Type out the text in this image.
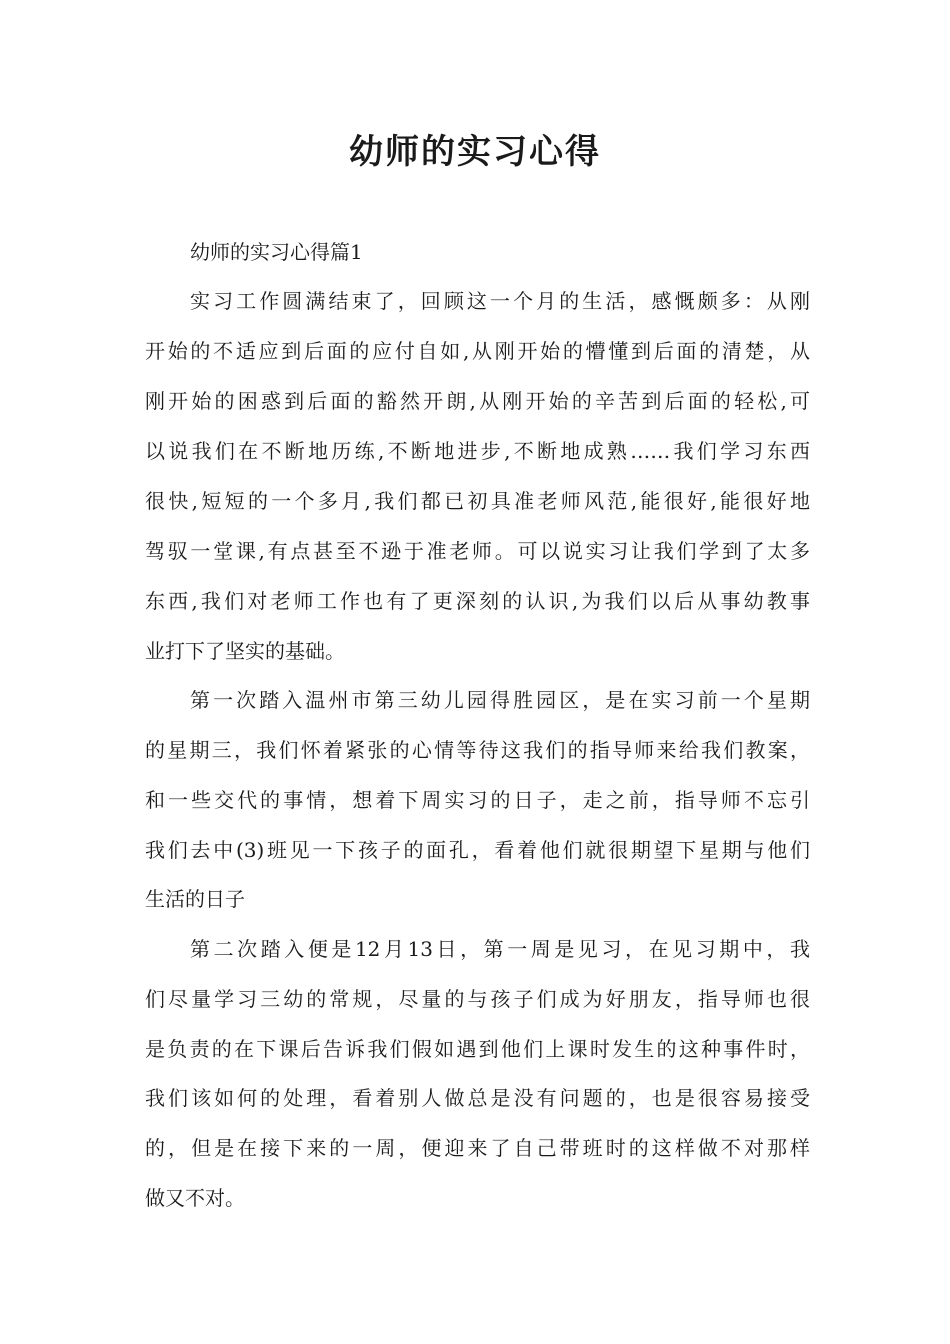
幼师的实习心得
幼师的实习心得篇1
实习工作圆满结束了，回顾这一个月的生活，感慨颇多：从刚
开始的不适应到后面的应付自如,从刚开始的懵懂到后面的清楚，从
刚开始的困惑到后面的豁然开朗,从刚开始的辛苦到后面的轻松,可
以说我们在不断地历练,不断地进步,不断地成熟……我们学习东西
很快,短短的一个多月,我们都已初具准老师风范,能很好,能很好地
驾驭一堂课,有点甚至不逊于准老师。可以说实习让我们学到了太多
东西,我们对老师工作也有了更深刻的认识,为我们以后从事幼教事
业打下了坚实的基础。
第一次踏入温州市第三幼儿园得胜园区，是在实习前一个星期
的星期三，我们怀着紧张的心情等待这我们的指导师来给我们教案，
和一些交代的事情，想着下周实习的日子，走之前，指导师不忘引
我们去中(3)班见一下孩子的面孔，看着他们就很期望下星期与他们
生活的日子
第二次踏入便是12月13日，第一周是见习，在见习期中，我
们尽量学习三幼的常规，尽量的与孩子们成为好朋友，指导师也很
是负责的在下课后告诉我们假如遇到他们上课时发生的这种事件时，
我们该如何的处理，看着别人做总是没有问题的，也是很容易接受
的，但是在接下来的一周，便迎来了自己带班时的这样做不对那样
做又不对。
